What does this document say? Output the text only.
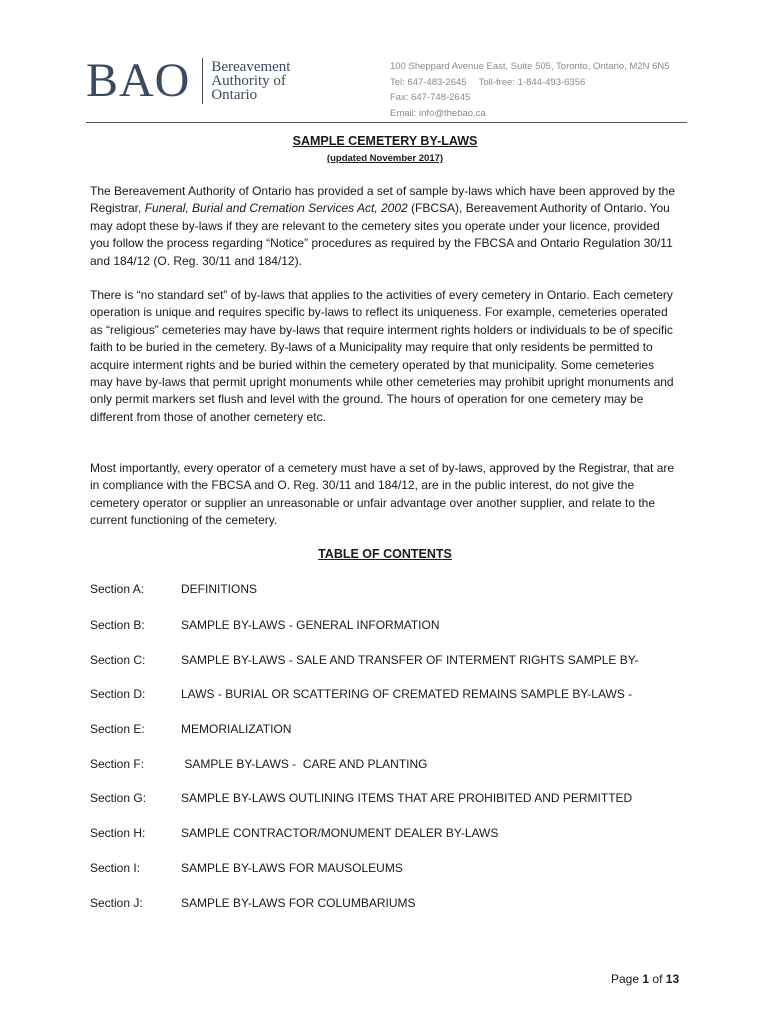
BAO Bereavement
Authority of
Ontario
100 Sheppard Avenue East, Suite 505, Toronto, Ontario, M2N 6N5
Tel: 647-483-2645 Toll-free: 1-844-493-6356
Fax: 647-748-2645
Email: info@thebao.ca
SAMPLE CEMETERY BY-LAWS
(updated November 2017)

The Bereavement Authority of Ontario has provided a set of sample by-laws which have been approved by the Registrar, Funeral, Burial and Cremation Services Act, 2002 (FBCSA), Bereavement Authority of Ontario. You may adopt these by-laws if they are relevant to the cemetery sites you operate under your licence, provided you follow the process regarding “Notice” procedures as required by the FBCSA and Ontario Regulation 30/11 and 184/12 (O. Reg. 30/11 and 184/12).

There is “no standard set” of by-laws that applies to the activities of every cemetery in Ontario. Each cemetery operation is unique and requires specific by-laws to reflect its uniqueness. For example, cemeteries operated as “religious” cemeteries may have by-laws that require interment rights holders or individuals to be of specific faith to be buried in the cemetery. By-laws of a Municipality may require that only residents be permitted to acquire interment rights and be buried within the cemetery operated by that municipality. Some cemeteries may have by-laws that permit upright monuments while other cemeteries may prohibit upright monuments and only permit markers set flush and level with the ground. The hours of operation for one cemetery may be different from those of another cemetery etc.

Most importantly, every operator of a cemetery must have a set of by-laws, approved by the Registrar, that are in compliance with the FBCSA and O. Reg. 30/11 and 184/12, are in the public interest, do not give the cemetery operator or supplier an unreasonable or unfair advantage over another supplier, and relate to the current functioning of the cemetery.

TABLE OF CONTENTS
Section A:	DEFINITIONS
Section B:	SAMPLE BY-LAWS - GENERAL INFORMATION
Section C:	SAMPLE BY-LAWS - SALE AND TRANSFER OF INTERMENT RIGHTS SAMPLE BY-
Section D:	LAWS - BURIAL OR SCATTERING OF CREMATED REMAINS SAMPLE BY-LAWS -
Section E:	MEMORIALIZATION
Section F:	SAMPLE BY-LAWS -  CARE AND PLANTING
Section G:	SAMPLE BY-LAWS OUTLINING ITEMS THAT ARE PROHIBITED AND PERMITTED
Section H:	SAMPLE CONTRACTOR/MONUMENT DEALER BY-LAWS
Section I:	SAMPLE BY-LAWS FOR MAUSOLEUMS
Section J:	SAMPLE BY-LAWS FOR COLUMBARIUMS
Page 1 of 13
